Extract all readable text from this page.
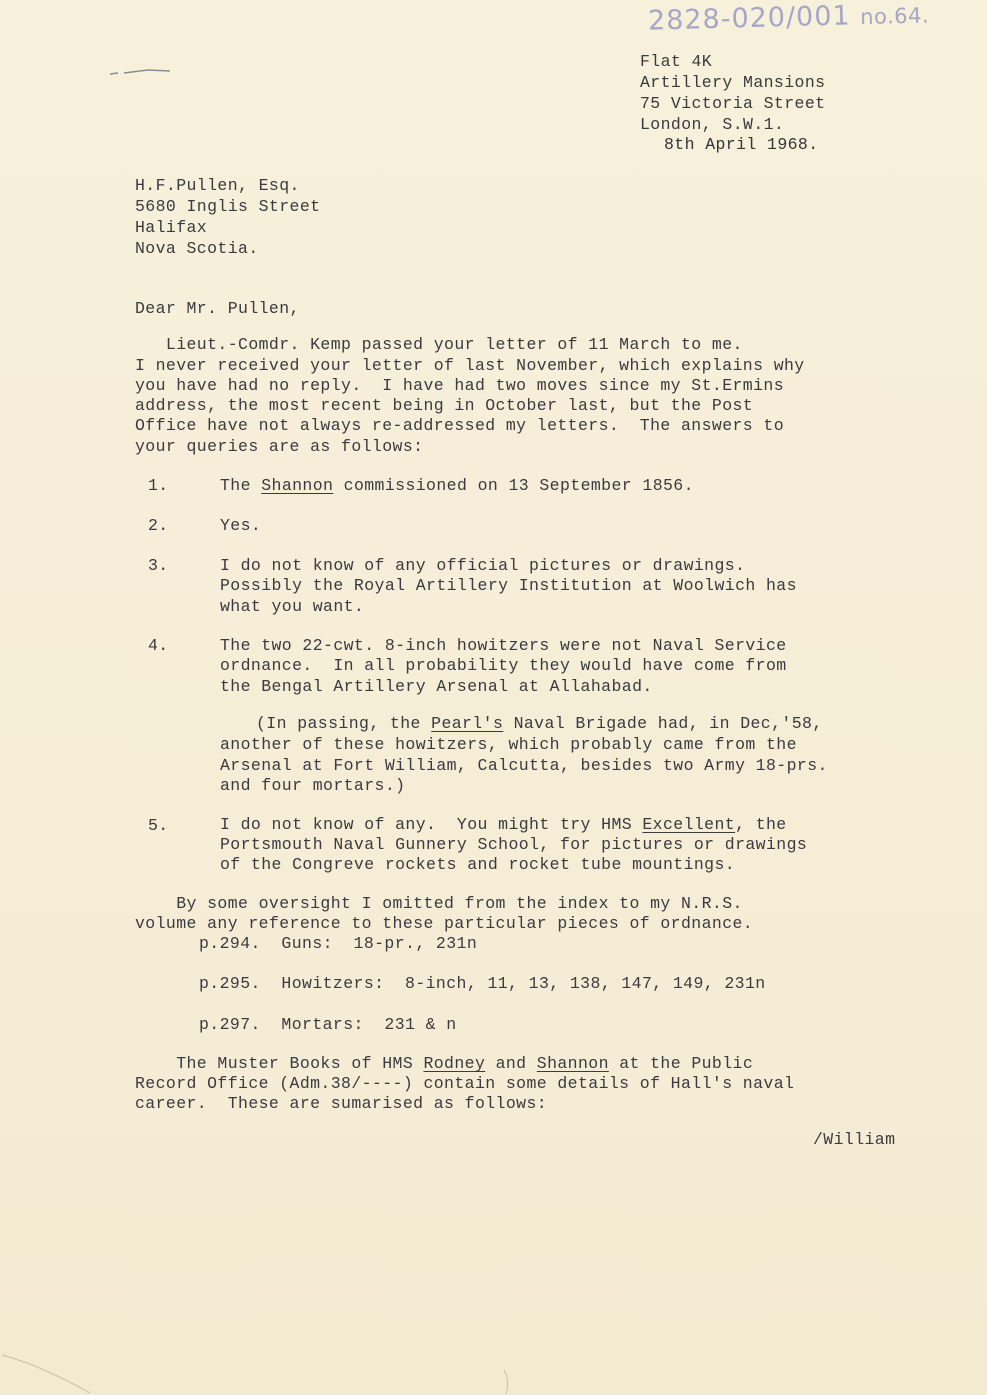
2828-020/001 no.64.
Flat 4K
Artillery Mansions
75 Victoria Street
London, S.W.1.
8th April 1968.
H.F.Pullen, Esq.
5680 Inglis Street
Halifax
Nova Scotia.
Dear Mr. Pullen,
Lieut.-Comdr. Kemp passed your letter of 11 March to me.
I never received your letter of last November, which explains why
you have had no reply.  I have had two moves since my St.Ermins
address, the most recent being in October last, but the Post
Office have not always re-addressed my letters.  The answers to
your queries are as follows:
1.	The Shannon commissioned on 13 September 1856.
2.	Yes.
3.	I do not know of any official pictures or drawings.
Possibly the Royal Artillery Institution at Woolwich has
what you want.
4.	The two 22-cwt. 8-inch howitzers were not Naval Service
ordnance.  In all probability they would have come from
the Bengal Artillery Arsenal at Allahabad.
(In passing, the Pearl's Naval Brigade had, in Dec,'58,
another of these howitzers, which probably came from the
Arsenal at Fort William, Calcutta, besides two Army 18-prs.
and four mortars.)
5.	I do not know of any.  You might try HMS Excellent, the
Portsmouth Naval Gunnery School, for pictures or drawings
of the Congreve rockets and rocket tube mountings.
By some oversight I omitted from the index to my N.R.S.
volume any reference to these particular pieces of ordnance.
p.294.  Guns:  18-pr., 231n
p.295.  Howitzers:  8-inch, 11, 13, 138, 147, 149, 231n
p.297.  Mortars:  231 & n
The Muster Books of HMS Rodney and Shannon at the Public
Record Office (Adm.38/----) contain some details of Hall's naval
career.  These are sumarised as follows:
/William
